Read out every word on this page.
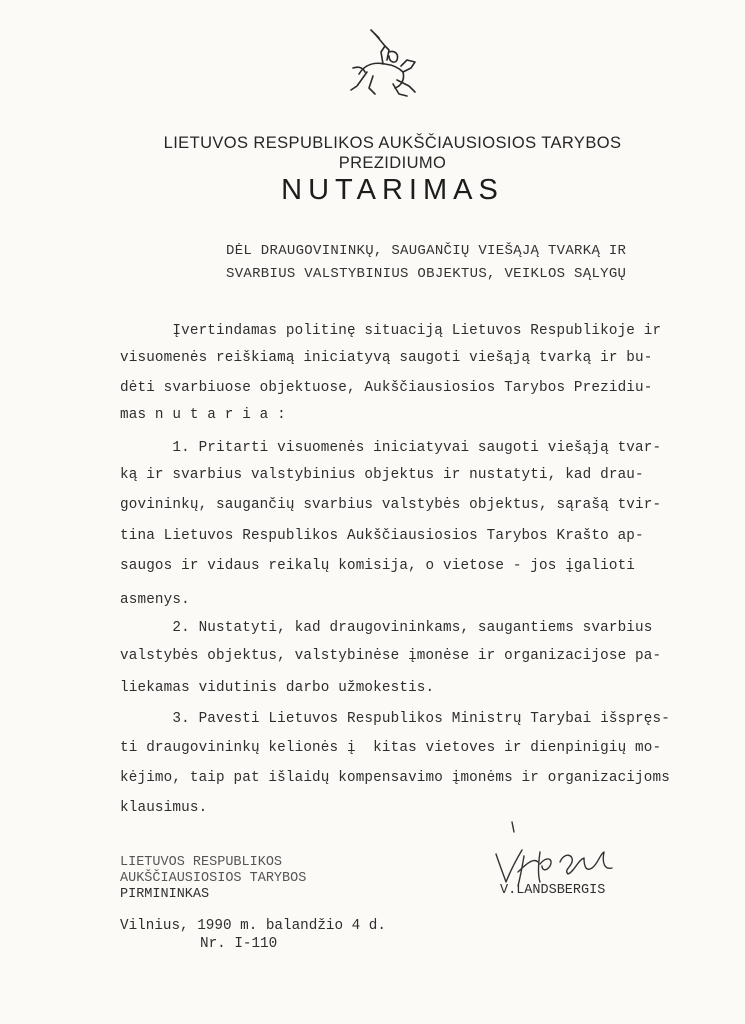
LIETUVOS RESPUBLIKOS AUKŠČIAUSIOSIOS TARYBOS
PREZIDIUMO
NUTARIMAS
DĖL DRAUGOVININKŲ, SAUGANČIŲ VIEŠĄJĄ TVARKĄ IR
SVARBIUS VALSTYBINIUS OBJEKTUS, VEIKLOS SĄLYGŲ
Įvertindamas politinę situaciją Lietuvos Respublikoje ir
visuomenės reiškiamą iniciatyvą saugoti viešąją tvarką ir bu-
dėti svarbiuose objektuose, Aukščiausiosios Tarybos Prezidiu-
mas n u t a r i a :
1. Pritarti visuomenės iniciatyvai saugoti viešąją tvar-
ką ir svarbius valstybinius objektus ir nustatyti, kad drau-
govininkų, saugančių svarbius valstybės objektus, sąrašą tvir-
tina Lietuvos Respublikos Aukščiausiosios Tarybos Krašto ap-
saugos ir vidaus reikalų komisija, o vietose - jos įgalioti
asmenys.
2. Nustatyti, kad draugovininkams, saugantiems svarbius
valstybės objektus, valstybinėse įmonėse ir organizacijose pa-
liekamas vidutinis darbo užmokestis.
3. Pavesti Lietuvos Respublikos Ministrų Tarybai išspręs-
ti draugovininkų kelionės į  kitas vietoves ir dienpinigių mo-
kėjimo, taip pat išlaidų kompensavimo įmonėms ir organizacijoms
klausimus.
LIETUVOS RESPUBLIKOS
AUKŠČIAUSIOSIOS TARYBOS
PIRMININKAS	V.LANDSBERGIS
Vilnius, 1990 m. balandžio 4 d.
Nr. I-110
